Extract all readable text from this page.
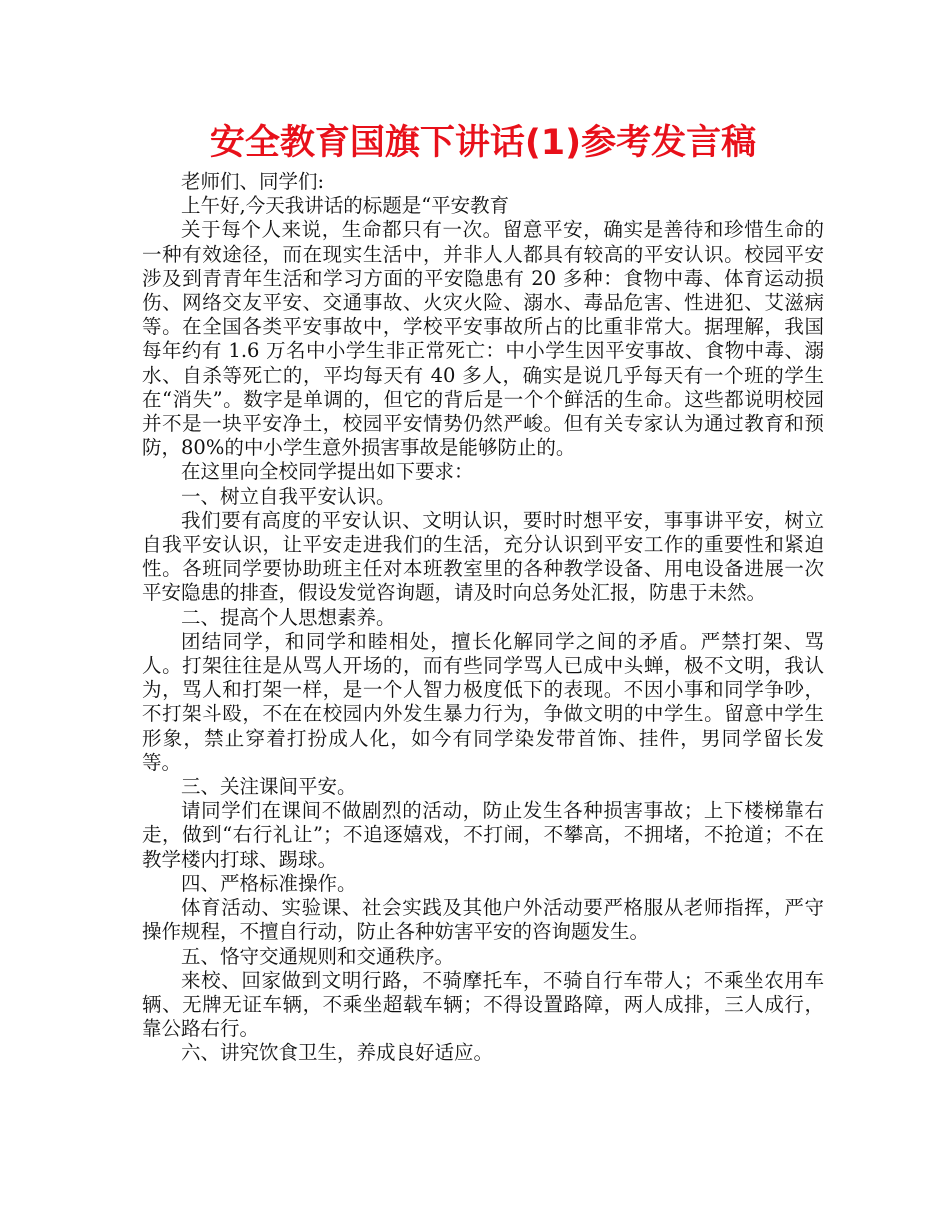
安全教育国旗下讲话(1)参考发言稿

老师们、同学们:

上午好,今天我讲话的标题是“平安教育

关于每个人来说，生命都只有一次。留意平安，确实是善待和珍惜生命的一种有效途径，而在现实生活中，并非人人都具有较高的平安认识。校园平安涉及到青青年生活和学习方面的平安隐患有 20 多种：食物中毒、体育运动损伤、网络交友平安、交通事故、火灾火险、溺水、毒品危害、性进犯、艾滋病等。在全国各类平安事故中，学校平安事故所占的比重非常大。据理解，我国每年约有 1.6 万名中小学生非正常死亡：中小学生因平安事故、食物中毒、溺水、自杀等死亡的，平均每天有 40 多人，确实是说几乎每天有一个班的学生在“消失”。数字是单调的，但它的背后是一个个鲜活的生命。这些都说明校园并不是一块平安净土，校园平安情势仍然严峻。但有关专家认为通过教育和预防，80%的中小学生意外损害事故是能够防止的。

在这里向全校同学提出如下要求：

一、树立自我平安认识。

我们要有高度的平安认识、文明认识，要时时想平安，事事讲平安，树立自我平安认识，让平安走进我们的生活，充分认识到平安工作的重要性和紧迫性。各班同学要协助班主任对本班教室里的各种教学设备、用电设备进展一次平安隐患的排查，假设发觉咨询题，请及时向总务处汇报，防患于未然。

二、提高个人思想素养。

团结同学，和同学和睦相处，擅长化解同学之间的矛盾。严禁打架、骂人。打架往往是从骂人开场的，而有些同学骂人已成中头蝉，极不文明，我认为，骂人和打架一样，是一个人智力极度低下的表现。不因小事和同学争吵，不打架斗殴，不在在校园内外发生暴力行为，争做文明的中学生。留意中学生形象，禁止穿着打扮成人化，如今有同学染发带首饰、挂件，男同学留长发等。

三、关注课间平安。

请同学们在课间不做剧烈的活动，防止发生各种损害事故；上下楼梯靠右走，做到“右行礼让”；不追逐嬉戏，不打闹，不攀高，不拥堵，不抢道；不在教学楼内打球、踢球。

四、严格标准操作。

体育活动、实验课、社会实践及其他户外活动要严格服从老师指挥，严守操作规程，不擅自行动，防止各种妨害平安的咨询题发生。

五、恪守交通规则和交通秩序。

来校、回家做到文明行路，不骑摩托车，不骑自行车带人；不乘坐农用车辆、无牌无证车辆，不乘坐超载车辆；不得设置路障，两人成排，三人成行，靠公路右行。

六、讲究饮食卫生，养成良好适应。
